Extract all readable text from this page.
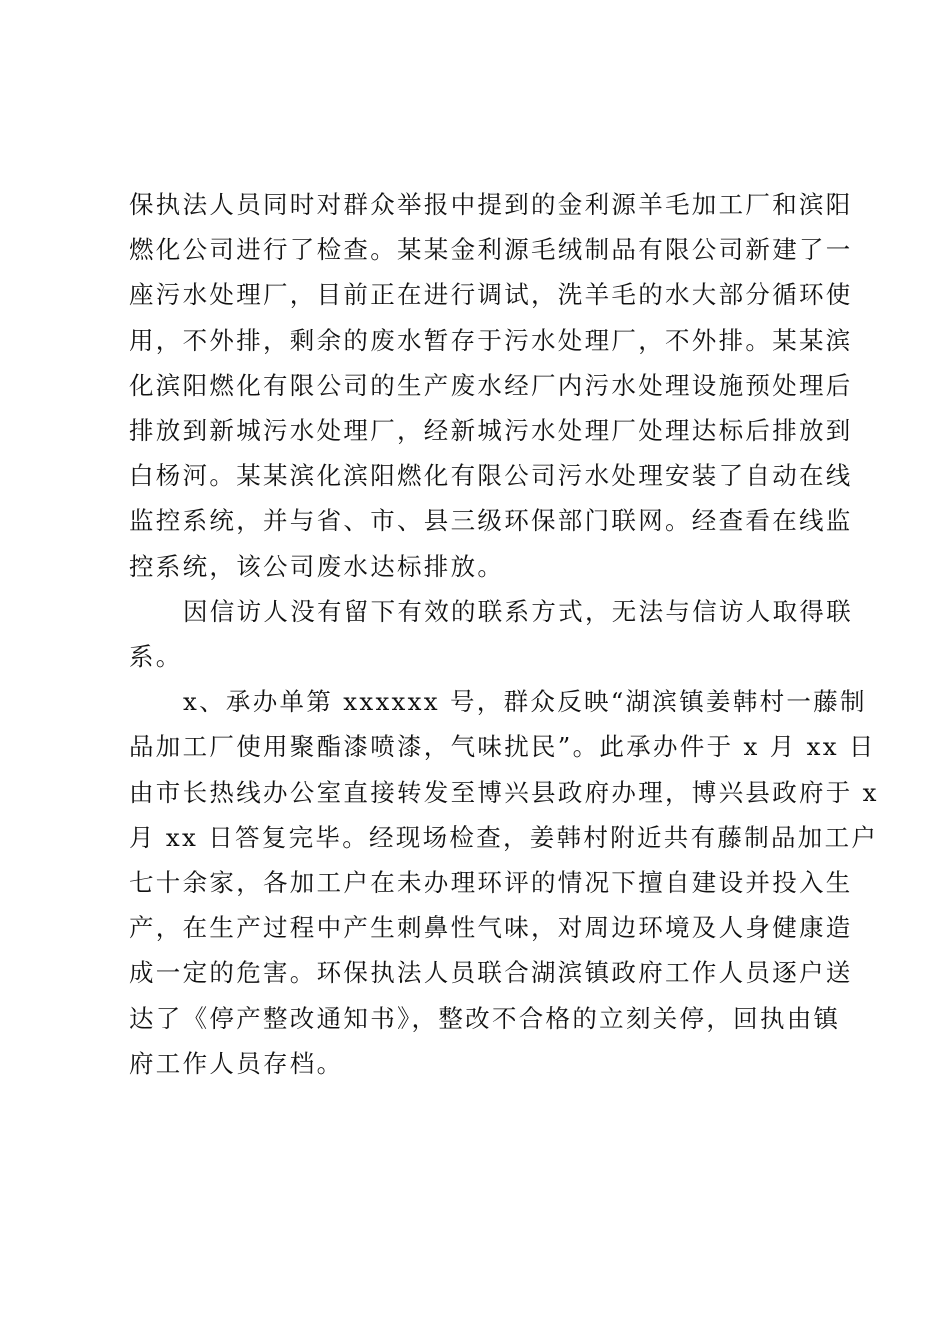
保执法人员同时对群众举报中提到的金利源羊毛加工厂和滨阳
燃化公司进行了检查。某某金利源毛绒制品有限公司新建了一
座污水处理厂，目前正在进行调试，洗羊毛的水大部分循环使
用，不外排，剩余的废水暂存于污水处理厂，不外排。某某滨
化滨阳燃化有限公司的生产废水经厂内污水处理设施预处理后
排放到新城污水处理厂，经新城污水处理厂处理达标后排放到
白杨河。某某滨化滨阳燃化有限公司污水处理安装了自动在线
监控系统，并与省、市、县三级环保部门联网。经查看在线监
控系统，该公司废水达标排放。

因信访人没有留下有效的联系方式，无法与信访人取得联
系。

x、承办单第 xxxxxx 号，群众反映“湖滨镇姜韩村一藤制
品加工厂使用聚酯漆喷漆，气味扰民”。此承办件于 x 月 xx 日
由市长热线办公室直接转发至博兴县政府办理，博兴县政府于 x
月 xx 日答复完毕。经现场检查，姜韩村附近共有藤制品加工户
七十余家，各加工户在未办理环评的情况下擅自建设并投入生
产，在生产过程中产生刺鼻性气味，对周边环境及人身健康造
成一定的危害。环保执法人员联合湖滨镇政府工作人员逐户送
达了《停产整改通知书》，整改不合格的立刻关停，回执由镇
府工作人员存档。
